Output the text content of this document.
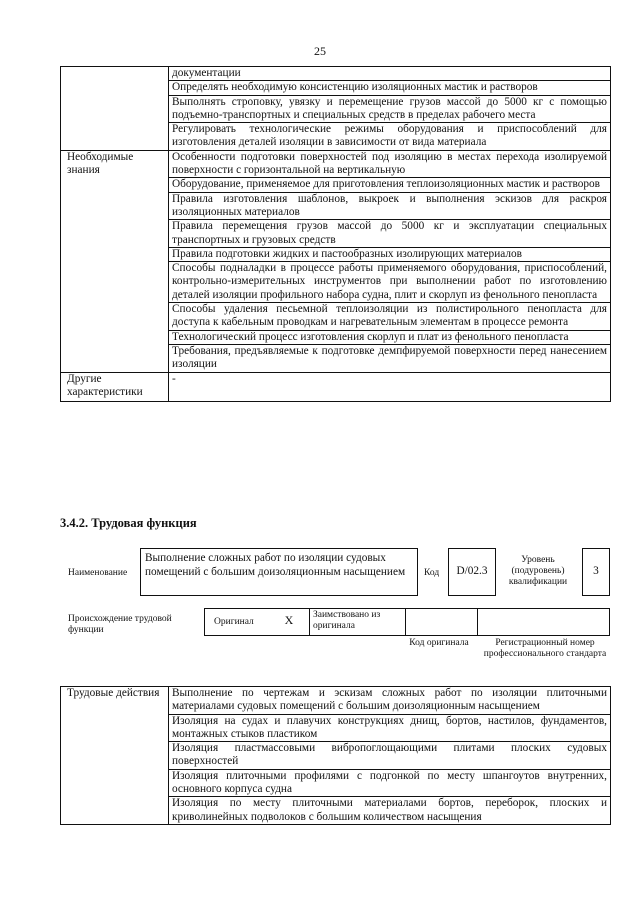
25
	документации
	Определять необходимую консистенцию изоляционных мастик и растворов
	Выполнять строповку, увязку и перемещение грузов массой до 5000 кг с помощью подъемно-транспортных и специальных средств в пределах рабочего места
	Регулировать технологические режимы оборудования и приспособлений для изготовления деталей изоляции в зависимости от вида материала
Необходимые знания	Особенности подготовки поверхностей под изоляцию в местах перехода изолируемой поверхности с горизонтальной на вертикальную
	Оборудование, применяемое для приготовления теплоизоляционных мастик и растворов
	Правила изготовления шаблонов, выкроек и выполнения эскизов для раскроя изоляционных материалов
	Правила перемещения грузов массой до 5000 кг и эксплуатации специальных транспортных и грузовых средств
	Правила подготовки жидких и пастообразных изолирующих материалов
	Способы подналадки в процессе работы применяемого оборудования, приспособлений, контрольно-измерительных инструментов при выполнении работ по изготовлению деталей изоляции профильного набора судна, плит и скорлуп из фенольного пенопласта
	Способы удаления песьемной теплоизоляции из полистирольного пенопласта для доступа к кабельным проводкам и нагревательным элементам в процессе ремонта
	Технологический процесс изготовления скорлуп и плат из фенольного пенопласта
	Требования, предъявляемые к подготовке демпфируемой поверхности перед нанесением изоляции
Другие характеристики	-
3.4.2. Трудовая функция
Наименование
Выполнение сложных работ по изоляции судовых помещений с большим доизоляционным насыщением	Код	D/02.3
Уровень (подуровень) квалификации
3
Происхождение трудовой функции
Оригинал	X	Заимствовано из оригинала
Код оригинала	Регистрационный номер профессионального стандарта
Трудовые действия	Выполнение по чертежам и эскизам сложных работ по изоляции плиточными материалами судовых помещений с большим доизоляционным насыщением
Изоляция на судах и плавучих конструкциях днищ, бортов, настилов, фундаментов, монтажных стыков пластиком
Изоляция пластмассовыми вибропоглощающими плитами плоских судовых поверхностей
Изоляция плиточными профилями с подгонкой по месту шпангоутов внутренних, основного корпуса судна
Изоляция по месту плиточными материалами бортов, переборок, плоских и криволинейных подволоков с большим количеством насыщения
